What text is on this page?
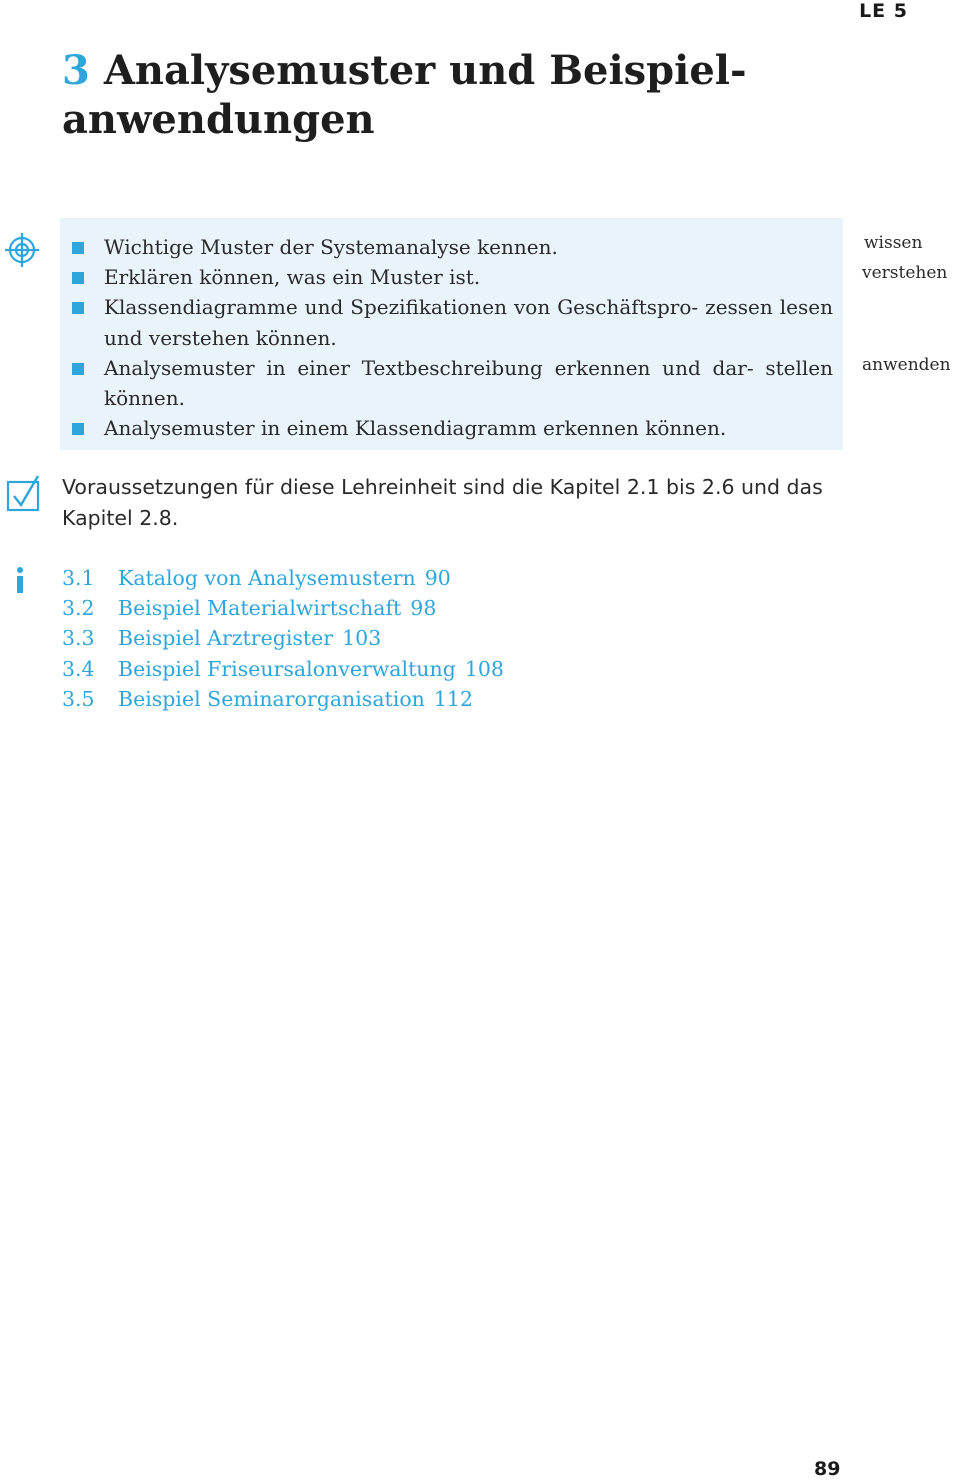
LE 5
3 Analysemuster und Beispiel-
anwendungen
Wichtige Muster der Systemanalyse kennen.
Erklären können, was ein Muster ist.
Klassendiagramme und Spezifikationen von Geschäftspro- zessen lesen und verstehen können.
Analysemuster in einer Textbeschreibung erkennen und dar- stellen können.
Analysemuster in einem Klassendiagramm erkennen können.
wissen
verstehen
anwenden

Voraussetzungen für diese Lehreinheit sind die Kapitel 2.1 bis 2.6 und das Kapitel 2.8.

3.1 Katalog von Analysemustern 90
3.2 Beispiel Materialwirtschaft 98
3.3 Beispiel Arztregister 103
3.4 Beispiel Friseursalonverwaltung 108
3.5 Beispiel Seminarorganisation 112
89
